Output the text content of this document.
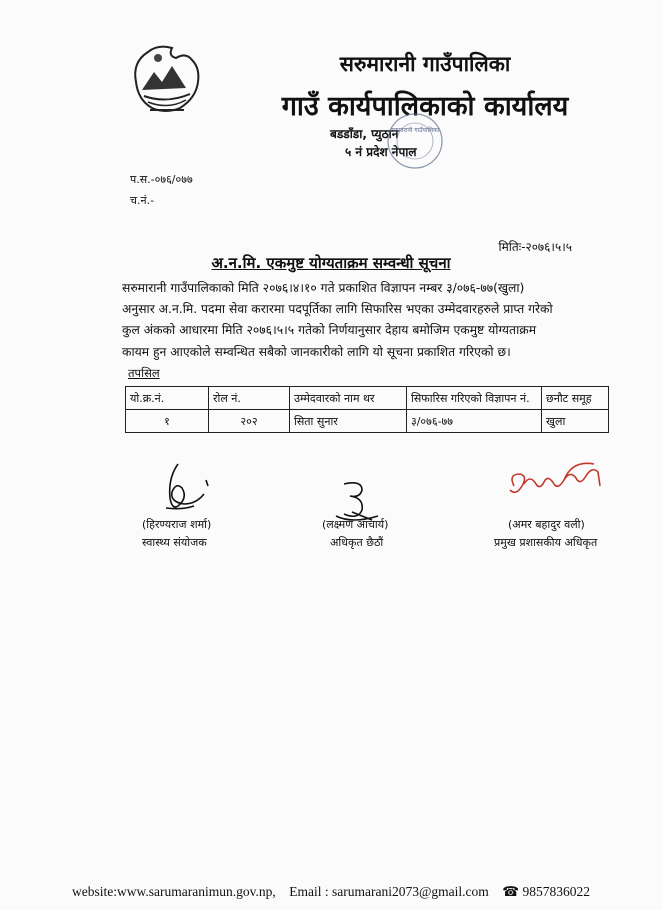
सरुमारानी गाउँपालिका
गाउँ कार्यपालिकाको कार्यालय
बडडाँडा, प्युठान
५ नं प्रदेश नेपाल
सरुमारानी गाउँपालिका
प.स.-०७६/०७७
च.नं.-
मितिः-२०७६।५।५
अ.न.मि. एकमुष्ट योग्यताक्रम सम्वन्धी सूचना
सरुमारानी गाउँपालिकाको मिति २०७६।४।१० गते प्रकाशित विज्ञापन नम्बर ३/०७६-७७(खुला)
अनुसार अ.न.मि. पदमा सेवा करारमा पदपूर्तिका लागि सिफारिस भएका उम्मेदवारहरुले प्राप्त गरेको
कुल अंकको आधारमा मिति २०७६।५।५ गतेको निर्णयानुसार देहाय बमोजिम एकमुष्ट योग्यताक्रम
कायम हुन आएकोले सम्वन्धित सबैको जानकारीको लागि यो सूचना प्रकाशित गरिएको छ।
तपसिल
यो.क्र.नं.	रोल नं.	उम्मेदवारको नाम थर	सिफारिस गरिएको विज्ञापन नं.	छनौट समूह
१	२०२	सिता सुनार	३/०७६-७७	खुला
(हिरण्यराज शर्मा)
स्वास्थ्य संयोजक
(लक्ष्मण आचार्य)
अधिकृत छैठौं
(अमर बहादुर वली)
प्रमुख प्रशासकीय अधिकृत
website:www.sarumaranimun.gov.np, Email : sarumarani2073@gmail.com ☎ 9857836022
